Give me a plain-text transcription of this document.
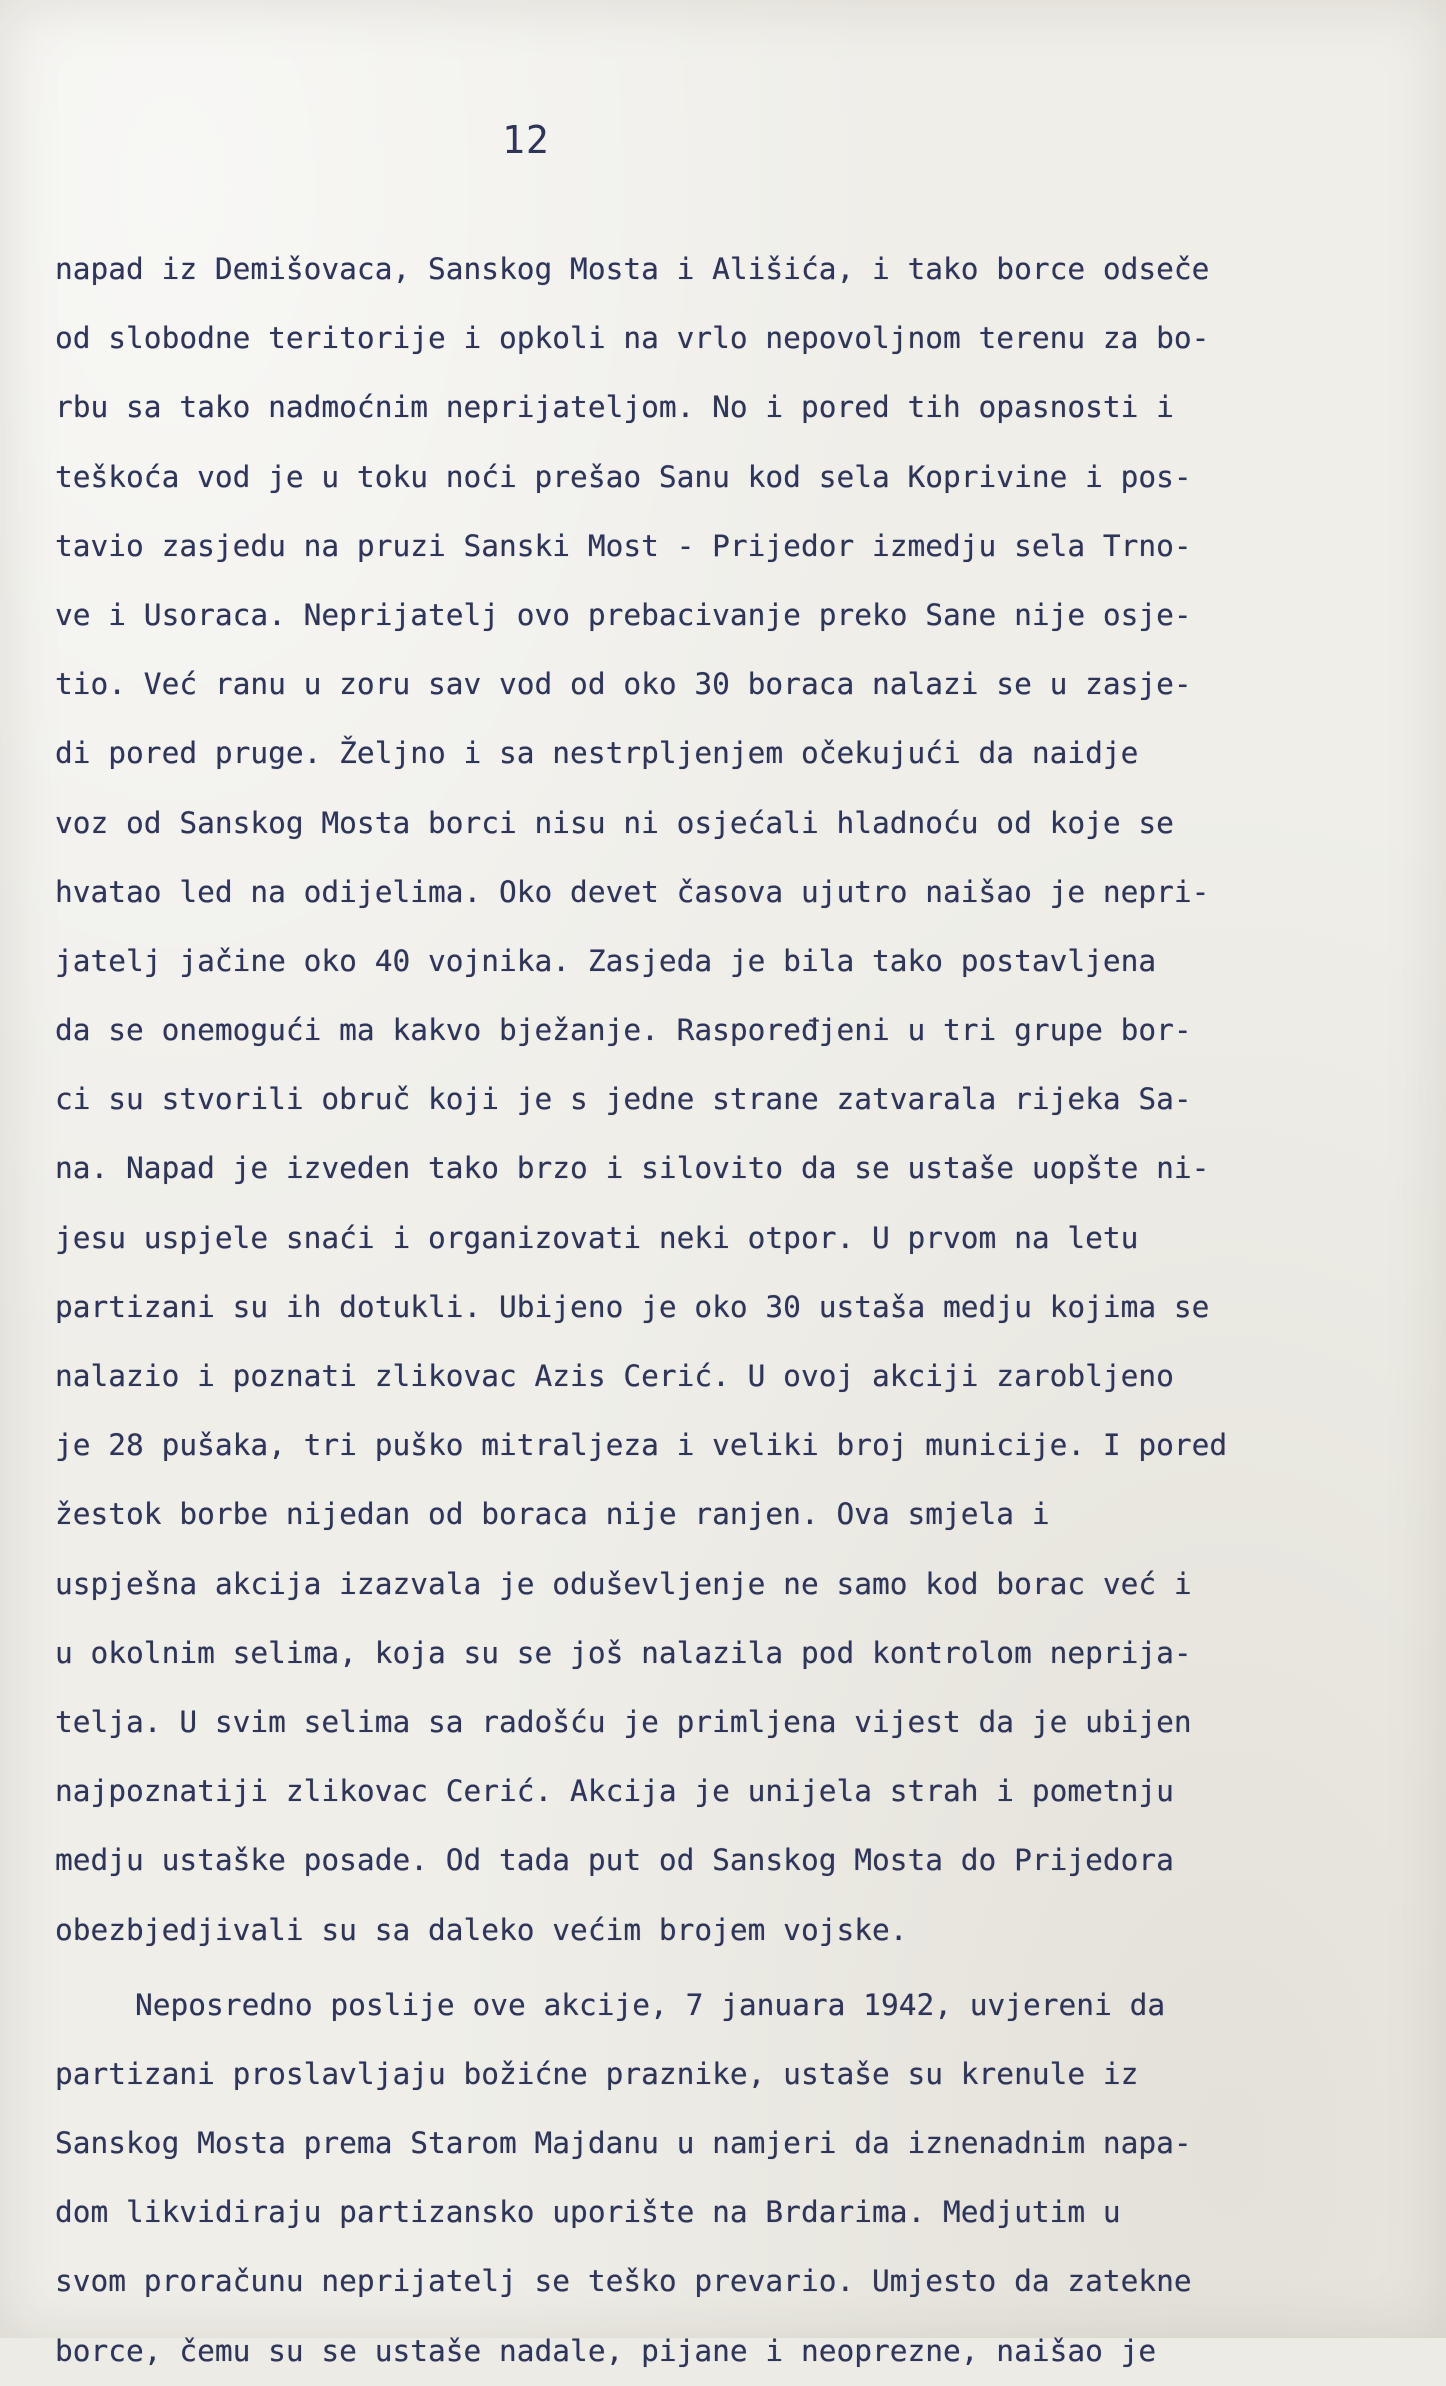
12
napad iz Demišovaca, Sanskog Mosta i Ališića, i tako borce odseče
od slobodne teritorije i opkoli na vrlo nepovoljnom terenu za bo-
rbu sa tako nadmoćnim neprijateljom. No i pored tih opasnosti i
teškoća vod je u toku noći prešao Sanu kod sela Koprivine i pos-
tavio zasjedu na pruzi Sanski Most - Prijedor izmedju sela Trno-
ve i Usoraca. Neprijatelj ovo prebacivanje preko Sane nije osje-
tio. Već ranu u zoru sav vod od oko 30 boraca nalazi se u zasje-
di pored pruge. Željno i sa nestrpljenjem očekujući da naidje
voz od Sanskog Mosta borci nisu ni osjećali hladnoću od koje se
hvatao led na odijelima. Oko devet časova ujutro naišao je nepri-
jatelj jačine oko 40 vojnika. Zasjeda je bila tako postavljena
da se onemogući ma kakvo bježanje. Raspoređjeni u tri grupe bor-
ci su stvorili obruč koji je s jedne strane zatvarala rijeka Sa-
na. Napad je izveden tako brzo i silovito da se ustaše uopšte ni-
jesu uspjele snaći i organizovati neki otpor. U prvom na letu
partizani su ih dotukli. Ubijeno je oko 30 ustaša medju kojima se
nalazio i poznati zlikovac Azis Cerić. U ovoj akciji zarobljeno
je 28 pušaka, tri puško mitraljeza i veliki broj municije. I pored
žestok borbe nijedan od boraca nije ranjen. Ova smjela i
uspješna akcija izazvala je oduševljenje ne samo kod borac već i
u okolnim selima, koja su se još nalazila pod kontrolom neprija-
telja. U svim selima sa radošću je primljena vijest da je ubijen
najpoznatiji zlikovac Cerić. Akcija je unijela strah i pometnju
medju ustaške posade. Od tada put od Sanskog Mosta do Prijedora
obezbjedjivali su sa daleko većim brojem vojske.
Neposredno poslije ove akcije, 7 januara 1942, uvjereni da
partizani proslavljaju božićne praznike, ustaše su krenule iz
Sanskog Mosta prema Starom Majdanu u namjeri da iznenadnim napa-
dom likvidiraju partizansko uporište na Brdarima. Medjutim u
svom proračunu neprijatelj se teško prevario. Umjesto da zatekne
borce, čemu su se ustaše nadale, pijane i neoprezne, naišao je
